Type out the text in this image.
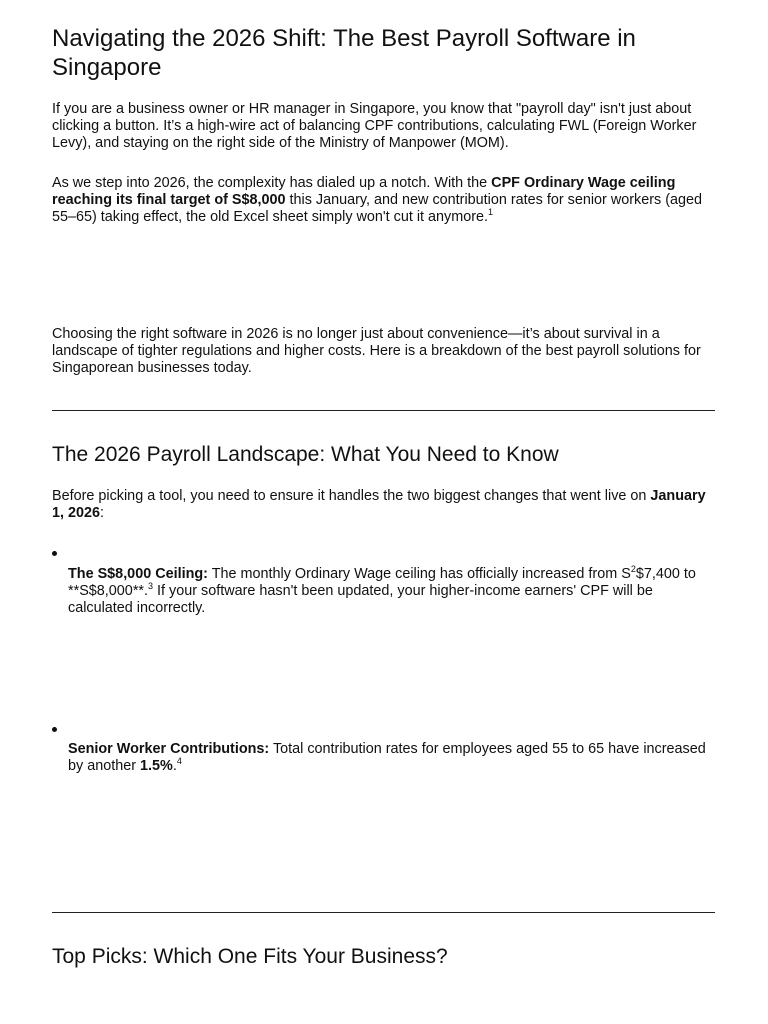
Navigating the 2026 Shift: The Best Payroll Software in Singapore

If you are a business owner or HR manager in Singapore, you know that "payroll day" isn't just about clicking a button. It’s a high-wire act of balancing CPF contributions, calculating FWL (Foreign Worker Levy), and staying on the right side of the Ministry of Manpower (MOM).

As we step into 2026, the complexity has dialed up a notch. With the CPF Ordinary Wage ceiling reaching its final target of S$8,000 this January, and new contribution rates for senior workers (aged 55–65) taking effect, the old Excel sheet simply won't cut it anymore.$^1$

Choosing the right software in 2026 is no longer just about convenience—it’s about survival in a landscape of tighter regulations and higher costs. Here is a breakdown of the best payroll solutions for Singaporean businesses today.

The 2026 Payroll Landscape: What You Need to Know

Before picking a tool, you need to ensure it handles the two biggest changes that went live on January 1, 2026:

The S$8,000 Ceiling: The monthly Ordinary Wage ceiling has officially increased from $S^2\$7,400$ to **S$8,000**.$^3$ If your software hasn't been updated, your higher-income earners' CPF will be calculated incorrectly.

Senior Worker Contributions: Total contribution rates for employees aged 55 to 65 have increased by another 1.5%.$^4$

Top Picks: Which One Fits Your Business?
